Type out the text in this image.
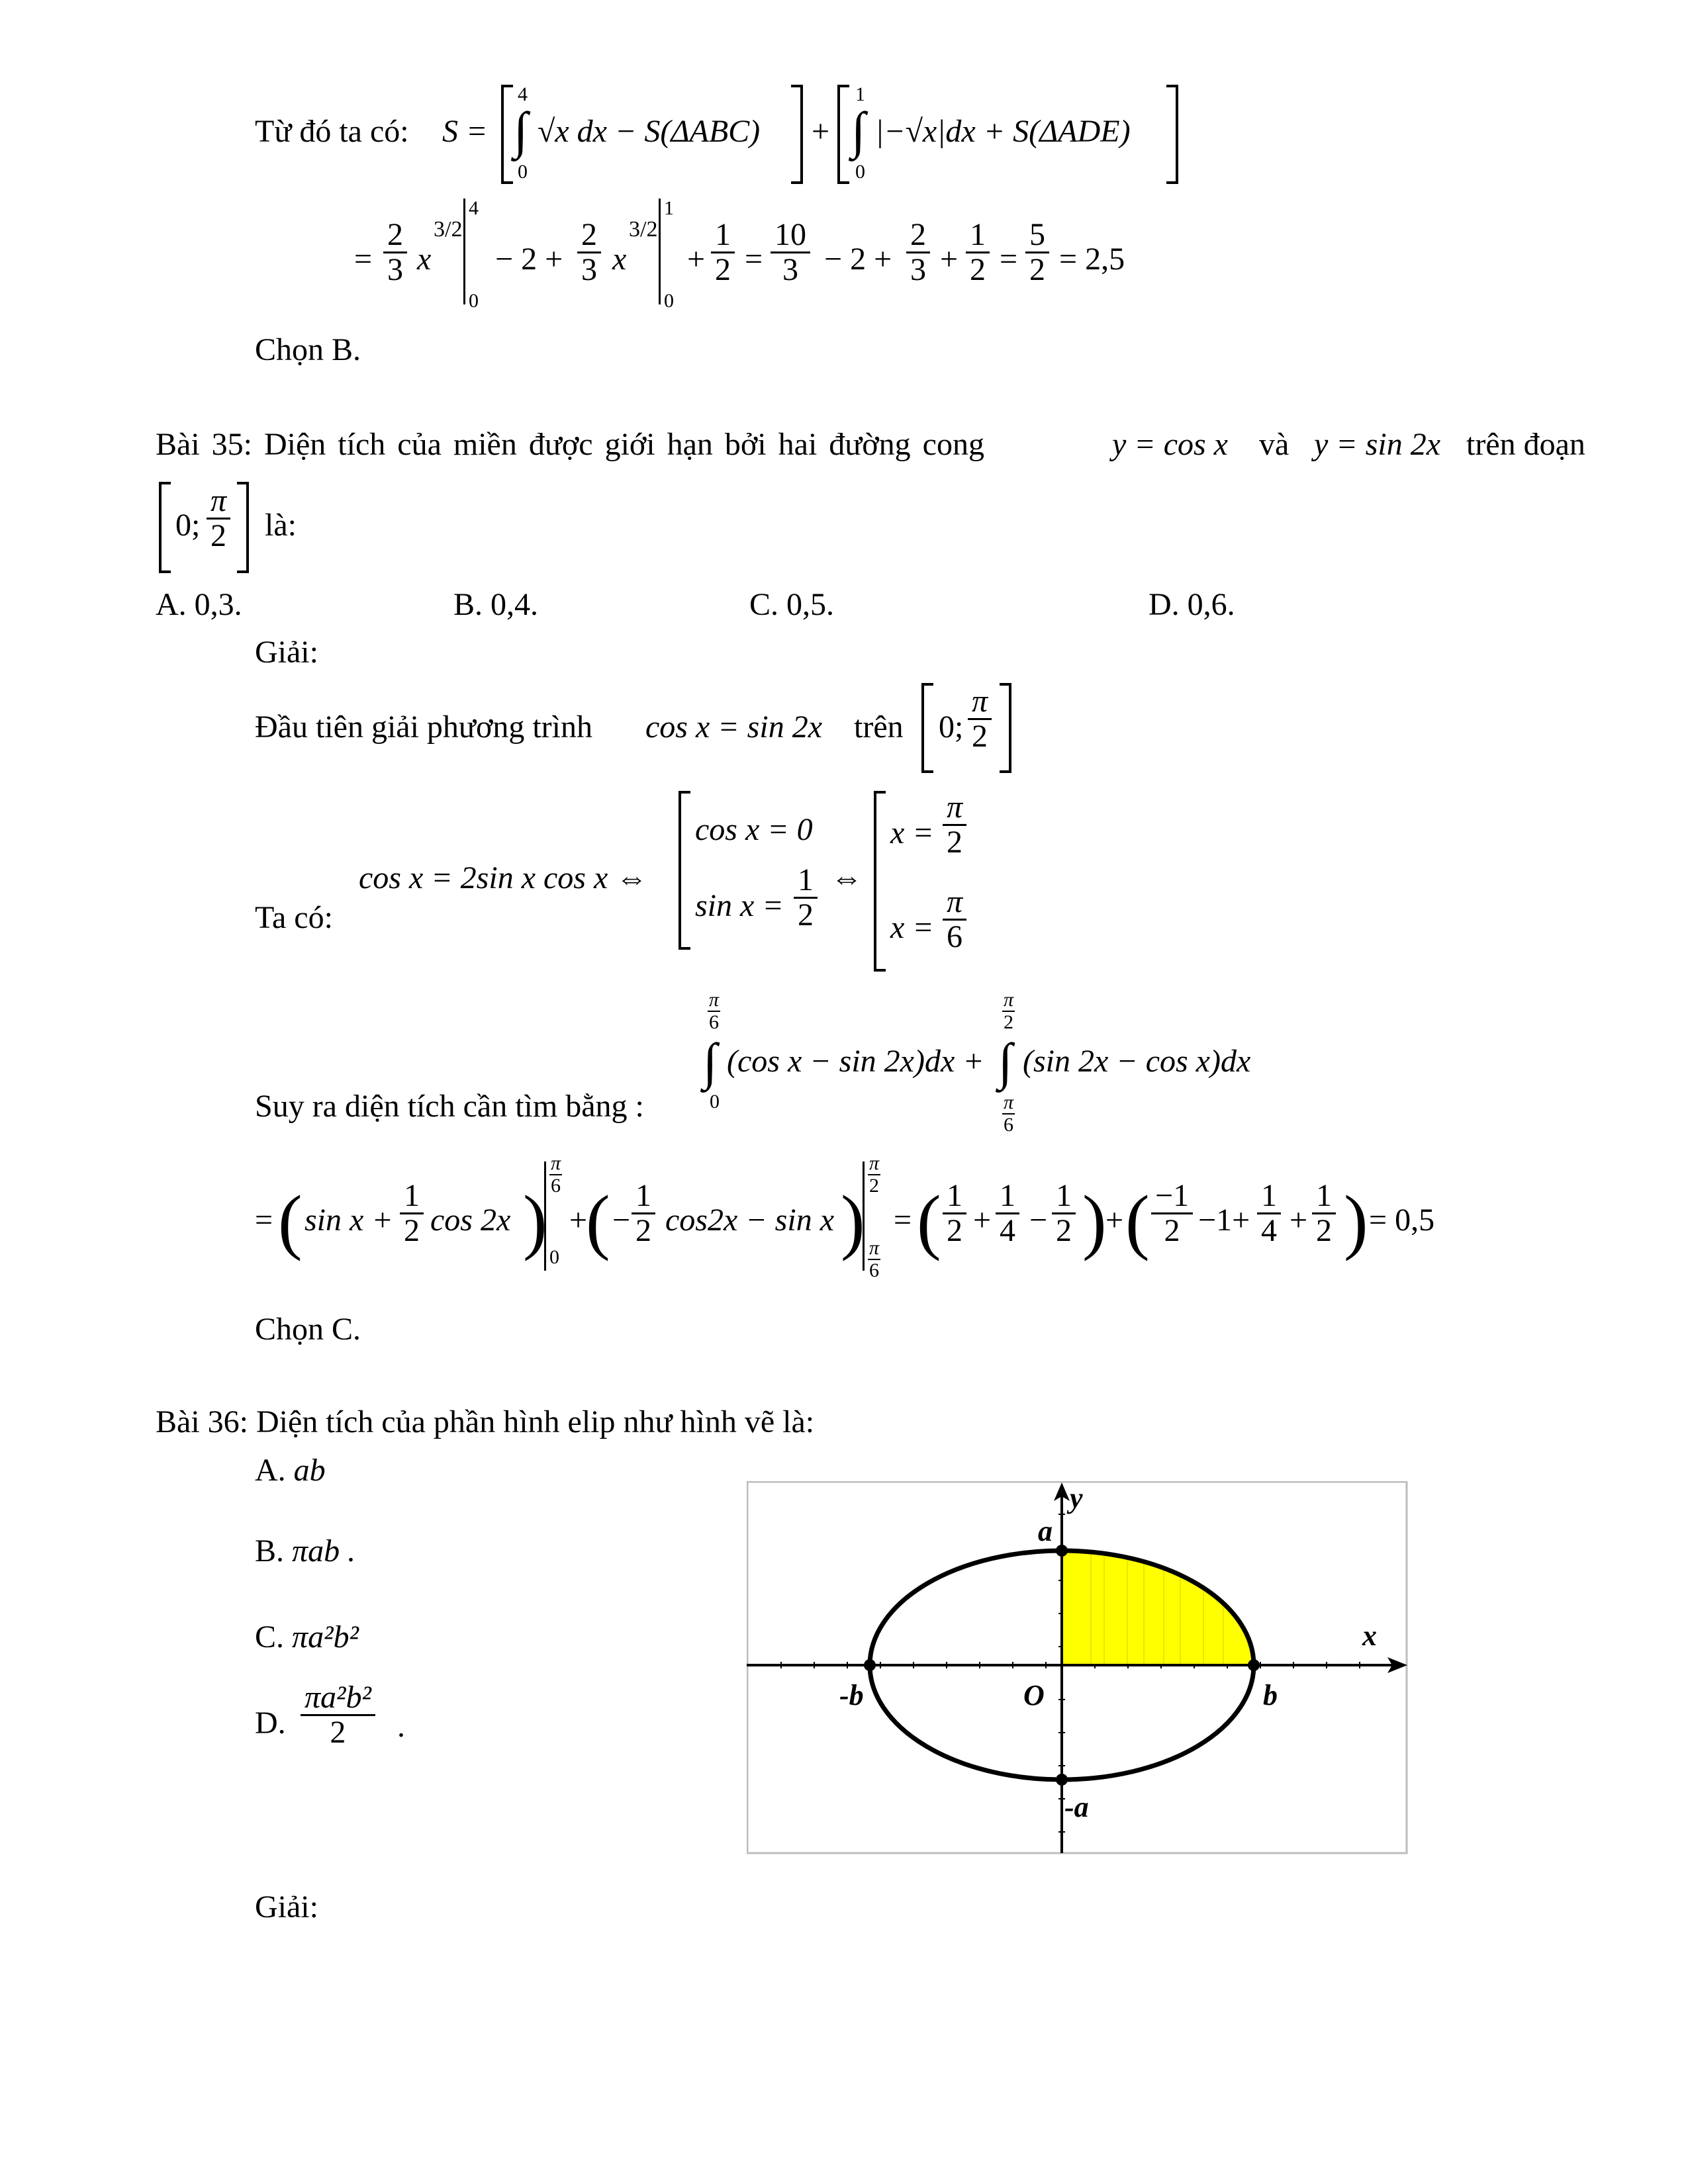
Từ đó ta có: S =
4
∫
0
√x dx − S(ΔABC) +
1
∫
0
|−√x|dx + S(ΔADE)
= $\frac{2}{3}$ x
3/2
4
0
− $2 + \frac{2}{3}$ x
3/2
1
0
+ $\frac{1}{2} = \frac{10}{3} - 2 + \frac{2}{3} + \frac{1}{2} = \frac{5}{2} = 2,5$
Chọn B.
Bài 35: Diện tích của miền được giới hạn bởi hai đường cong	y = cos x và y = sin 2x trên đoạn
0; $\frac{\pi}{2}$ là:
A. 0,3.	B. 0,4.	C. 0,5.	D. 0,6.
Giải:
Đầu tiên giải phương trình cos x = sin 2x trên 0; $\frac{\pi}{2}$
Ta có:
cos x = 2sin x cos x ⇔
cos x = 0
$\sin x = \frac{1}{2}$ ⇔
$x = \frac{\pi}{2}$
$x = \frac{\pi}{6}$
Suy ra diện tích cần tìm bằng :
$\frac{\pi}{6}$
∫
0
(cos x − sin 2x)dx +
$\frac{\pi}{2}$
∫
$\frac{\pi}{6}$
(sin 2x − cos x)dx
= ( $\sin x + \frac{1}{2}$ cos 2x )
$\frac{\pi}{6}$
0
+
( − $\frac{1}{2} \cos 2x - \sin x$ )
$\frac{\pi}{2}$
$\frac{\pi}{6}$
= ( $\frac{1}{2} + \frac{1}{4} - \frac{1}{2}$ )
+ ( $\frac{-1}{2} -1+ \frac{1}{4} + \frac{1}{2}$ ) = 0,5
Chọn C.
Bài 36: Diện tích của phần hình elip như hình vẽ là:
A. ab
B. πab .
C. πa²b²
D. $\frac{\text{πa²b²}}{2}$ .
y
x
a
-a
b
-b	O
Giải:
